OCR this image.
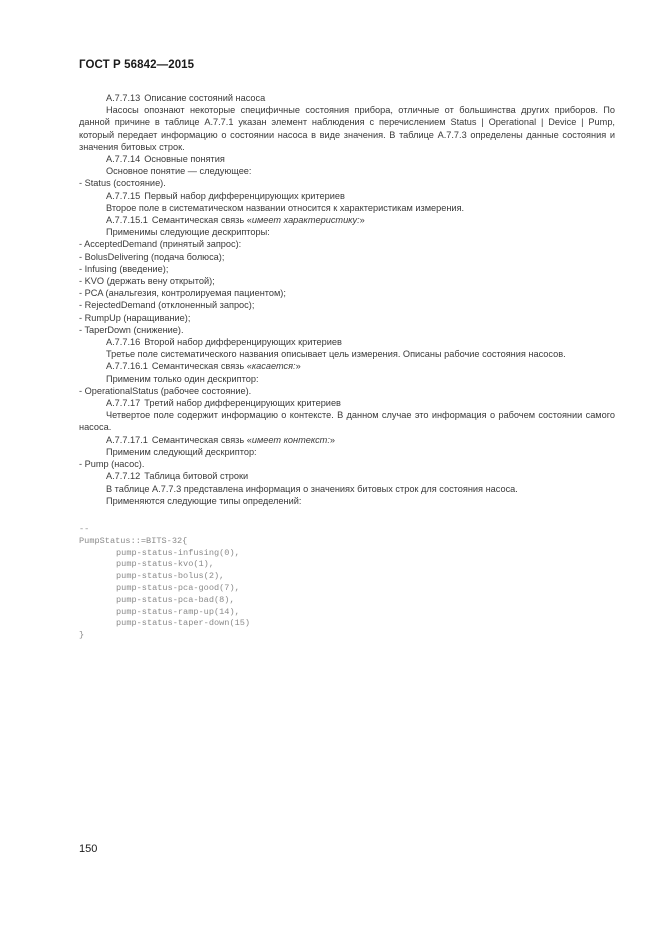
ГОСТ Р 56842—2015

А.7.7.13 Описание состояний насоса

Насосы опознают некоторые специфичные состояния прибора, отличные от большинства других приборов. По данной причине в таблице А.7.7.1 указан элемент наблюдения с перечислением Status | Operational | Device | Pump, который передает информацию о состоянии насоса в виде значения. В таблице А.7.7.3 определены данные состояния и значения битовых строк.

А.7.7.14 Основные понятия

Основное понятие — следующее:

- Status (состояние).

А.7.7.15 Первый набор дифференцирующих критериев

Второе поле в систематическом названии относится к характеристикам измерения.

А.7.7.15.1 Семантическая связь «имеет характеристику:»

Применимы следующие дескрипторы:

- AcceptedDemand (принятый запрос):

- BolusDelivering (подача болюса);

- Infusing (введение);

- KVO (держать вену открытой);

- PCA (анальгезия, контролируемая пациентом);

- RejectedDemand (отклоненный запрос);

- RumpUp (наращивание);

- TaperDown (снижение).

А.7.7.16 Второй набор дифференцирующих критериев

Третье поле систематического названия описывает цель измерения. Описаны рабочие состояния насосов.

А.7.7.16.1 Семантическая связь «касается:»

Применим только один дескриптор:

- OperationalStatus (рабочее состояние).

А.7.7.17 Третий набор дифференцирующих критериев

Четвертое поле содержит информацию о контексте. В данном случае это информация о рабочем состоянии самого насоса.

А.7.7.17.1 Семантическая связь «имеет контекст:»

Применим следующий дескриптор:

- Pump (насос).

А.7.7.12 Таблица битовой строки

В таблице А.7.7.3 представлена информация о значениях битовых строк для состояния насоса.

Применяются следующие типы определений:

--
PumpStatus::=BITS-32{
pump-status-infusing(0),
pump-status-kvo(1),
pump-status-bolus(2),
pump-status-pca-good(7),
pump-status-pca-bad(8),
pump-status-ramp-up(14),
pump-status-taper-down(15)
}
150
